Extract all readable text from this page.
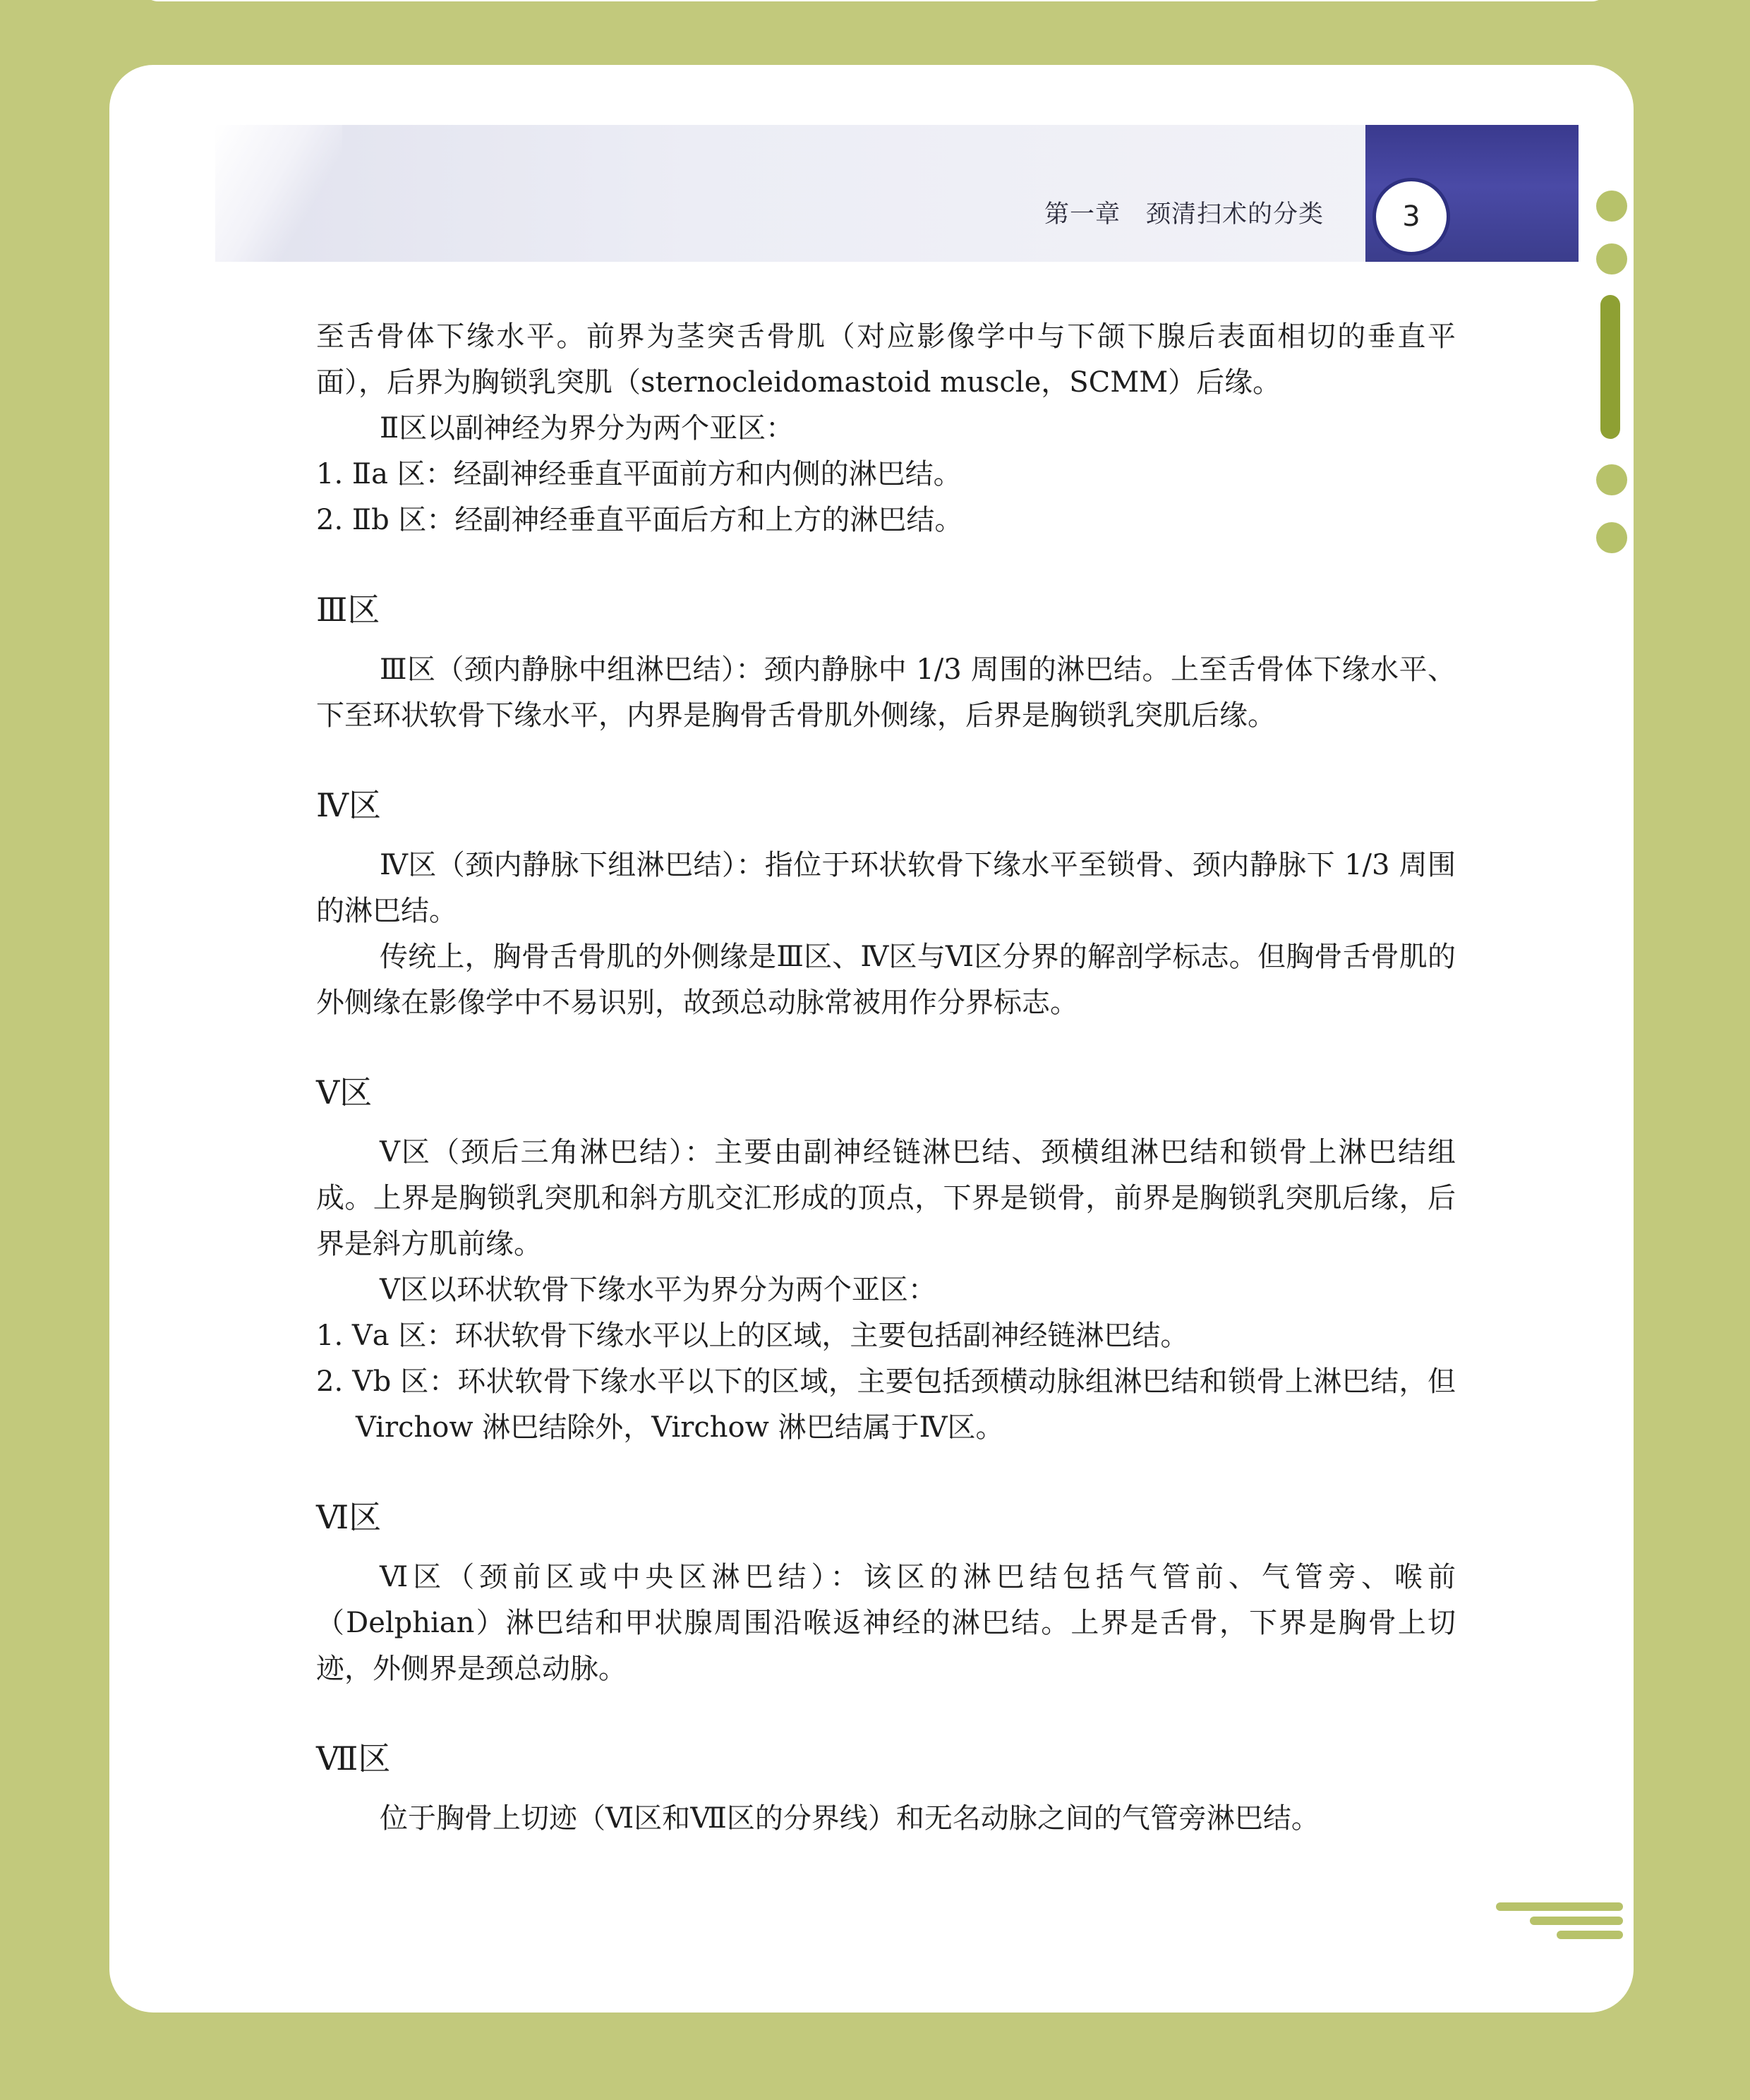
第一章 颈清扫术的分类	3

至舌骨体下缘水平。前界为茎突舌骨肌（对应影像学中与下颌下腺后表面相切的垂直平面），后界为胸锁乳突肌（sternocleidomastoid muscle，SCMM）后缘。

Ⅱ区以副神经为界分为两个亚区：

1. Ⅱa 区：经副神经垂直平面前方和内侧的淋巴结。

2. Ⅱb 区：经副神经垂直平面后方和上方的淋巴结。

Ⅲ区

Ⅲ区（颈内静脉中组淋巴结）：颈内静脉中 1/3 周围的淋巴结。上至舌骨体下缘水平、下至环状软骨下缘水平，内界是胸骨舌骨肌外侧缘，后界是胸锁乳突肌后缘。

Ⅳ区

Ⅳ区（颈内静脉下组淋巴结）：指位于环状软骨下缘水平至锁骨、颈内静脉下 1/3 周围的淋巴结。

传统上，胸骨舌骨肌的外侧缘是Ⅲ区、Ⅳ区与Ⅵ区分界的解剖学标志。但胸骨舌骨肌的外侧缘在影像学中不易识别，故颈总动脉常被用作分界标志。

Ⅴ区

Ⅴ区（颈后三角淋巴结）：主要由副神经链淋巴结、颈横组淋巴结和锁骨上淋巴结组成。上界是胸锁乳突肌和斜方肌交汇形成的顶点，下界是锁骨，前界是胸锁乳突肌后缘，后界是斜方肌前缘。

Ⅴ区以环状软骨下缘水平为界分为两个亚区：

1. Ⅴa 区：环状软骨下缘水平以上的区域，主要包括副神经链淋巴结。

2. Ⅴb 区：环状软骨下缘水平以下的区域，主要包括颈横动脉组淋巴结和锁骨上淋巴结，但 Virchow 淋巴结除外，Virchow 淋巴结属于Ⅳ区。

Ⅵ区

Ⅵ区（颈前区或中央区淋巴结）：该区的淋巴结包括气管前、气管旁、喉前（Delphian）淋巴结和甲状腺周围沿喉返神经的淋巴结。上界是舌骨，下界是胸骨上切迹，外侧界是颈总动脉。

Ⅶ区

位于胸骨上切迹（Ⅵ区和Ⅶ区的分界线）和无名动脉之间的气管旁淋巴结。
